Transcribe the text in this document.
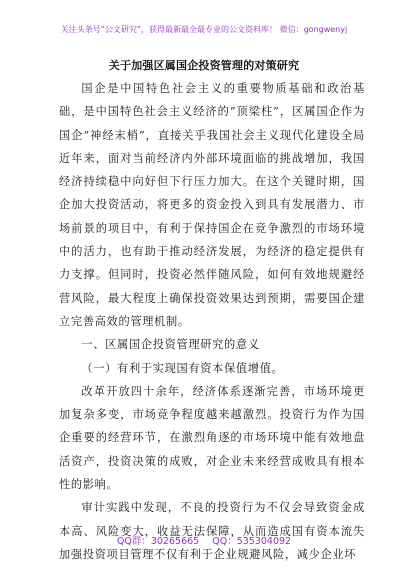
关注头条号“公文研究”，获得最新最全最专业的公文资料库！ 微信：gongwenyj
关于加强区属国企投资管理的对策研究

国企是中国特色社会主义的重要物质基础和政治基础，是中国特色社会主义经济的“顶梁柱”，区属国企作为国企“神经末梢”，直接关乎我国社会主义现代化建设全局近年来，面对当前经济内外部环境面临的挑战增加，我国经济持续稳中向好但下行压力加大。在这个关键时期，国企加大投资活动，将更多的资金投入到具有发展潜力、市场前景的项目中，有利于保持国企在竞争激烈的市场环境中的活力，也有助于推动经济发展，为经济的稳定提供有力支撑。但同时，投资必然伴随风险，如何有效地规避经营风险，最大程度上确保投资效果达到预期，需要国企建立完善高效的管理机制。

一、区属国企投资管理研究的意义

（一）有利于实现国有资本保值增值。

改革开放四十余年，经济体系逐渐完善，市场环境更加复杂多变，市场竞争程度越来越激烈。投资行为作为国企重要的经营环节，在激烈角逐的市场环境中能有效地盘活资产，投资决策的成败，对企业未来经营成败具有根本性的影响。

审计实践中发现，不良的投资行为不仅会导致资金成本高、风险变大，收益无法保障，从而造成国有资本流失加强投资项目管理不仅有利于企业规避风险，减少企业坏

QQ群：30265665 QQ：535304092
